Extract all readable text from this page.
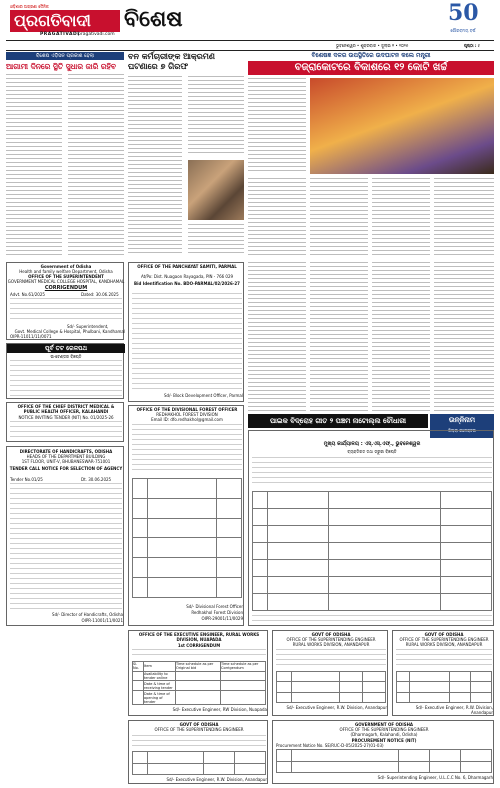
ଓଡ଼ିଶାର ଅଗ୍ରଣୀ ଦୈନିକ
ପ୍ରଗତିବାଦୀ
PRAGATIVADI
pragativadi.com
ବିଶେଷ	50
ଗୌରବମୟ ବର୍ଷ
ଭୁବନେଶ୍ୱର • ଶୁକ୍ରବାର • ଜୁଲାଇ ୧ • ୨୦୨୫	ପୃଷ୍ଠା : ୯
ବିଶେଷ ଏଡ଼ିସନ ପ୍ରକାଶ ହେଲା
ଆଗାମୀ ଦିନରେ ସ୍ଥିତି ସୁଧାର ଜାରି ରହିବ
ବନ କର୍ମଚାରୀଙ୍କ ଆକ୍ରମଣ ଘଟଣାରେ ୭ ଗିରଫ
ବିଶେଷଜ୍ଞ ଦଳର ଉପସ୍ଥିତିରେ ଉଦଘାଟନ କଲେ ମନ୍ତ୍ରୀ
ବଜ୍ରାକୋଟରେ ବିକାଶରେ ୧୨ କୋଟି ଖର୍ଚ୍ଚ
Government of Odisha
Health and family welfare Department, Odisha
OFFICE OF THE SUPERINTENDENT
GOVERNMENT MEDICAL COLLEGE HOSPITAL, KANDHAMAL
CORRIGENDUM
Advt. No.61/2025	Dated: 30.06.2025
Sd/- Superintendent,
Govt. Medical College & Hospital, Phulbani, Kandhamal
OIPR-11011/11/0071
ପୂର୍ବ ତଟ ରେଳପଥ
ଇ-ଟେଣ୍ଡର ବିଜ୍ଞପ୍ତି
OFFICE OF THE CHIEF DISTRICT MEDICAL & PUBLIC HEALTH OFFICER, KALAHANDI
NOTICE INVITING TENDER (NIT) No. 01/2025-26
DIRECTORATE OF HANDICRAFTS, ODISHA
HEADS OF THE DEPARTMENT BUILDING
1ST FLOOR, UNIT-V, BHUBANESWAR-751001
TENDER CALL NOTICE FOR SELECTION OF AGENCY
Tender No.01/25	Dt. 30.06.2025
Sd/- Director of Handicrafts, Odisha
OIPR-11001/11/0021
OFFICE OF THE PANCHAYAT SAMITI, PARMAL
At/Po: Dist. Nuagaon Rayagada, PIN - 766 029
Bid Identification No. BDO-PARMAL/02/2026-27
Sd/- Block Development Officer, Parmal
OFFICE OF THE DIVISIONAL FOREST OFFICER
REDHAKHOL FOREST DIVISION
Email ID: dfo.redhakhol@gmail.com

Sd/- Divisional Forest Officer
Redhakhol Forest Division
OIPR-29001/11/0029
ପାଇକ ବିଦ୍ରୋହ ଗୀତ ୨ ପଞ୍ଚମ ନାଟୋଲ୍ଲ ଚୌଧାରୀ	ଉନ୍ନିନାମ
ଜିଲ୍ଲା କଳେକ୍ଟର
ମୁଖ୍ୟ କାର୍ଯ୍ୟାଳୟ : ଏସ୍.ଏସ୍.ଏଫ୍., ଭୁବନେଶ୍ୱର
ବ୍ୟକ୍ତିଗତ ତଥା ଜରୁରୀ ବିଜ୍ଞପ୍ତି

OFFICE OF THE EXECUTIVE ENGINEER, RURAL WORKS DIVISION, NUAPADA
1st CORRIGENDUM
Sl. No.	Item	Time schedule as per Original bid	Time schedule as per Corrigendum
	Availability to tender online		
	Date & time of receiving tender		
	Date & time of opening of tender		
Sd/- Executive Engineer, RW Division, Nuapada
GOVT OF ODISHA
OFFICE OF THE SUPERINTENDING ENGINEER
RURAL WORKS DIVISION, ANANDAPUR

Sd/- Executive Engineer, R.W. Division, Anandapur
GOVT OF ODISHA
OFFICE OF THE SUPERINTENDING ENGINEER
RURAL WORKS DIVISION, ANANDAPUR

Sd/- Executive Engineer, R.W. Division, Anandapur
GOVT OF ODISHA
OFFICE OF THE SUPERINTENDING ENGINEER

Sd/- Executive Engineer, R.W. Division, Anandapur
GOVERNMENT OF ODISHA
OFFICE OF THE SUPERINTENDING ENGINEER
(Dharmagarh, Kalahandi, Odisha)
PROCUREMENT NOTICE (NIT)
Procurement Notice No. SE/RUC-D-05/2025-27(01-03)

Sd/- Superintending Engineer, U.L.C.C No. 6, Dharmagarh
